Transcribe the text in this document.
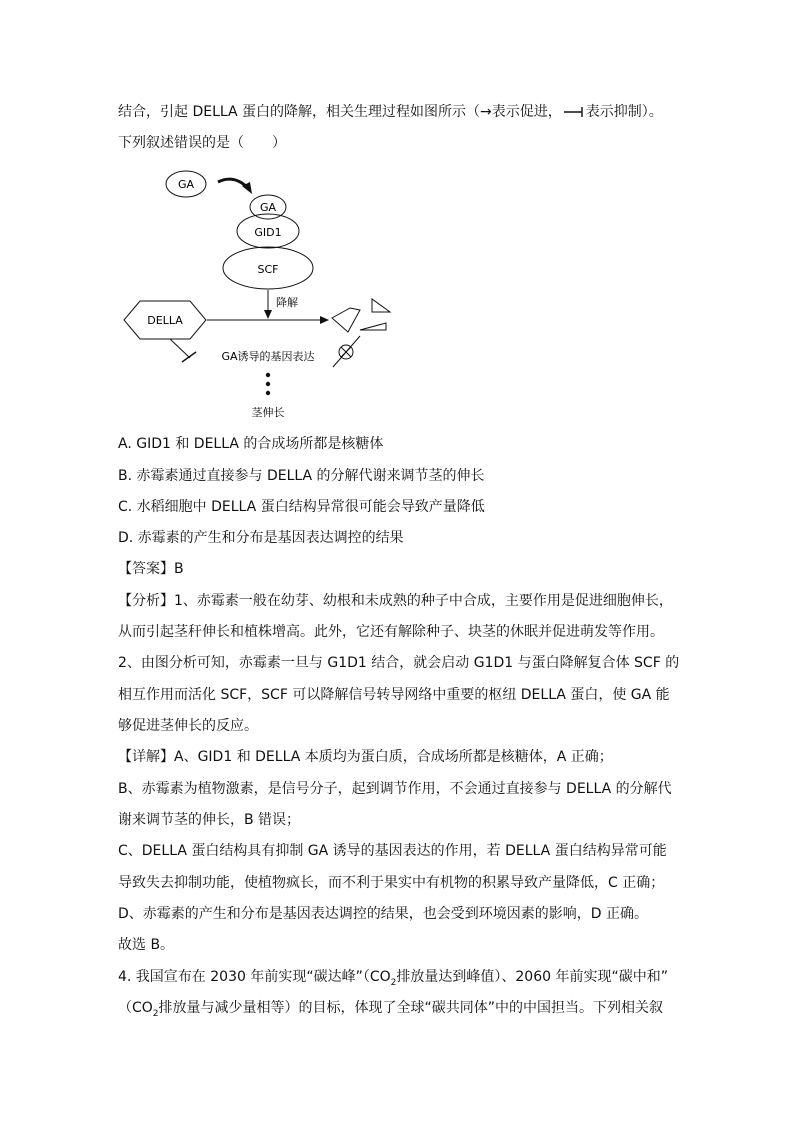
结合，引起 DELLA 蛋白的降解，相关生理过程如图所示（→表示促进， 表示抑制）。
下列叙述错误的是（　　）
GA
GA
GID1
SCF
降解
DELLA
GA诱导的基因表达
茎伸长
A. GID1 和 DELLA 的合成场所都是核糖体
B. 赤霉素通过直接参与 DELLA 的分解代谢来调节茎的伸长
C. 水稻细胞中 DELLA 蛋白结构异常很可能会导致产量降低
D. 赤霉素的产生和分布是基因表达调控的结果
【答案】B
【分析】1、赤霉素一般在幼芽、幼根和未成熟的种子中合成，主要作用是促进细胞伸长，
从而引起茎秆伸长和植株增高。此外，它还有解除种子、块茎的休眠并促进萌发等作用。
2、由图分析可知，赤霉素一旦与 G1D1 结合，就会启动 G1D1 与蛋白降解复合体 SCF 的
相互作用而活化 SCF，SCF 可以降解信号转导网络中重要的枢纽 DELLA 蛋白，使 GA 能
够促进茎伸长的反应。
【详解】A、GID1 和 DELLA 本质均为蛋白质，合成场所都是核糖体，A 正确；
B、赤霉素为植物激素，是信号分子，起到调节作用，不会通过直接参与 DELLA 的分解代
谢来调节茎的伸长，B 错误；
C、DELLA 蛋白结构具有抑制 GA 诱导的基因表达的作用，若 DELLA 蛋白结构异常可能
导致失去抑制功能，使植物疯长，而不利于果实中有机物的积累导致产量降低，C 正确；
D、赤霉素的产生和分布是基因表达调控的结果，也会受到环境因素的影响，D 正确。
故选 B。
4. 我国宣布在 2030 年前实现“碳达峰$”(CO_2$排放量达到峰值）、2060 年前实现“碳中和”
（$CO_2$排放量与减少量相等）的目标，体现了全球“碳共同体”中的中国担当。下列相关叙
